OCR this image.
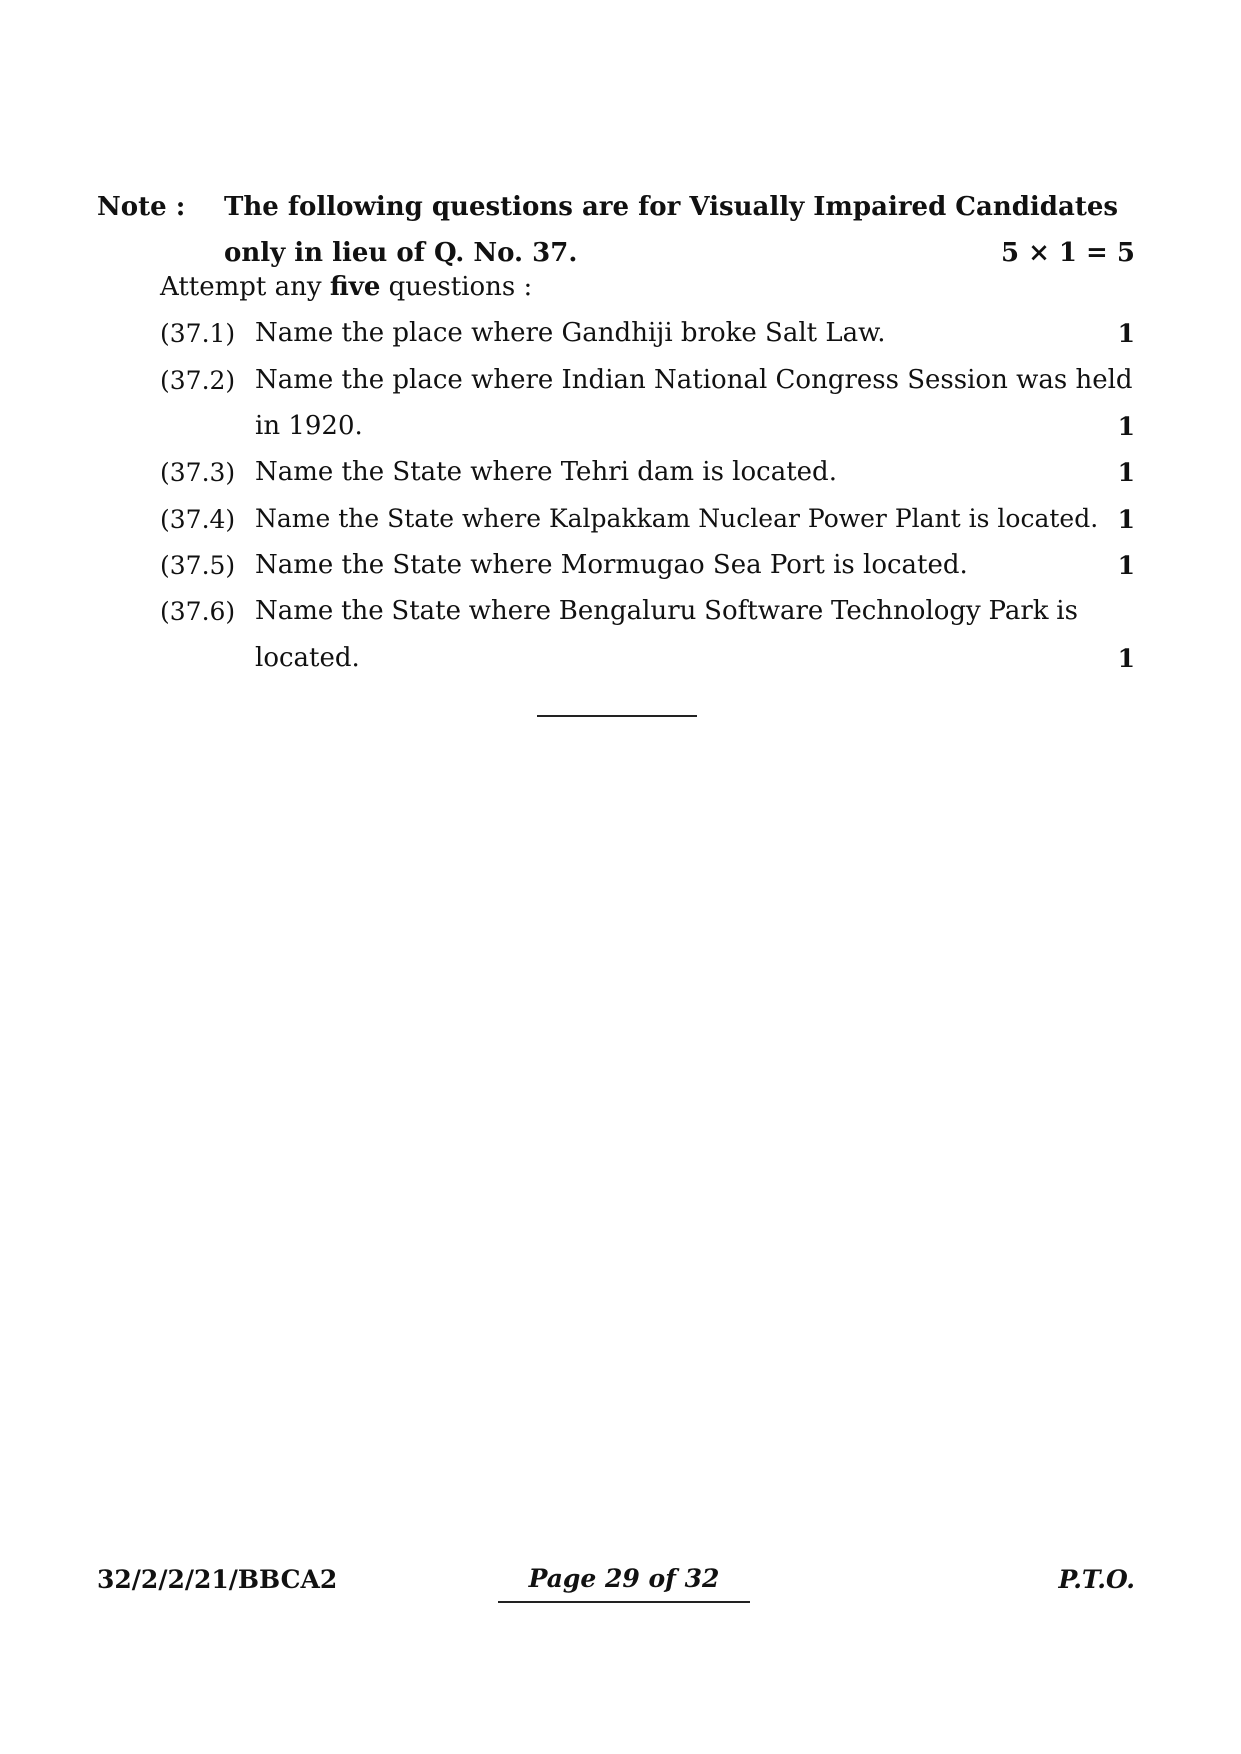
Note : The following questions are for Visually Impaired Candidates
only in lieu of Q. No. 37.	5 × 1 = 5
Attempt any five questions :
(37.1) Name the place where Gandhiji broke Salt Law.	1
(37.2) Name the place where Indian National Congress Session was held
in 1920.	1
(37.3) Name the State where Tehri dam is located.	1
(37.4) Name the State where Kalpakkam Nuclear Power Plant is located. 1
(37.5) Name the State where Mormugao Sea Port is located.	1
(37.6) Name the State where Bengaluru Software Technology Park is
located.	1
32/2/2/21/BBCA2	Page 29 of 32	P.T.O.
